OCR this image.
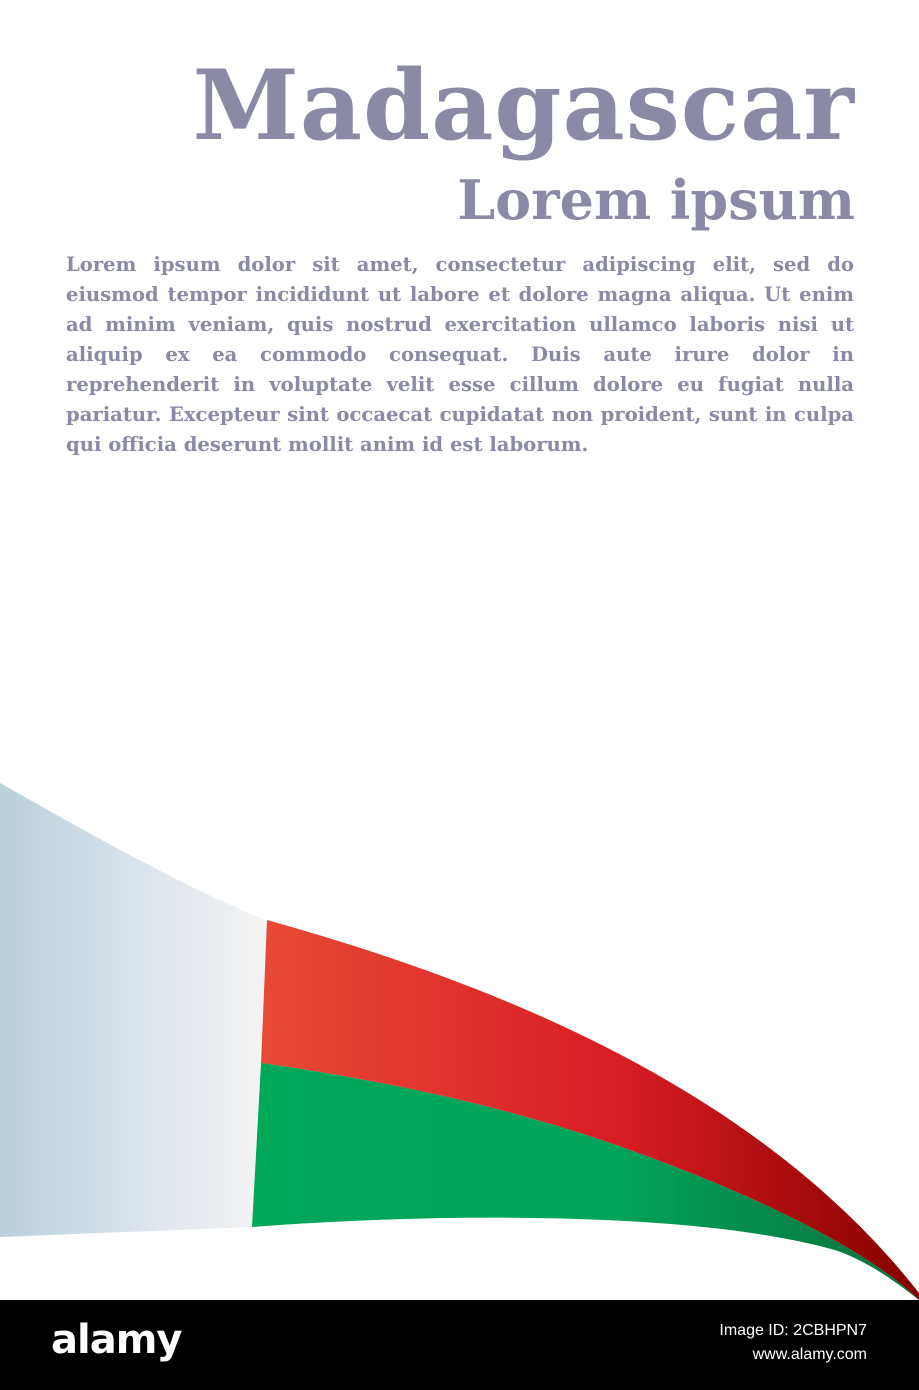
Madagascar
Lorem ipsum

Lorem ipsum dolor sit amet, consectetur adipiscing elit, sed do eiusmod tempor incididunt ut labore et dolore magna aliqua. Ut enim ad minim veniam, quis nostrud exercitation ullamco laboris nisi ut aliquip ex ea commodo consequat. Duis aute irure dolor in reprehenderit in voluptate velit esse cillum dolore eu fugiat nulla pariatur. Excepteur sint occaecat cupidatat non proident, sunt in culpa qui officia deserunt mollit anim id est laborum.

alamy	Image ID: 2CBHPN7
www.alamy.com
